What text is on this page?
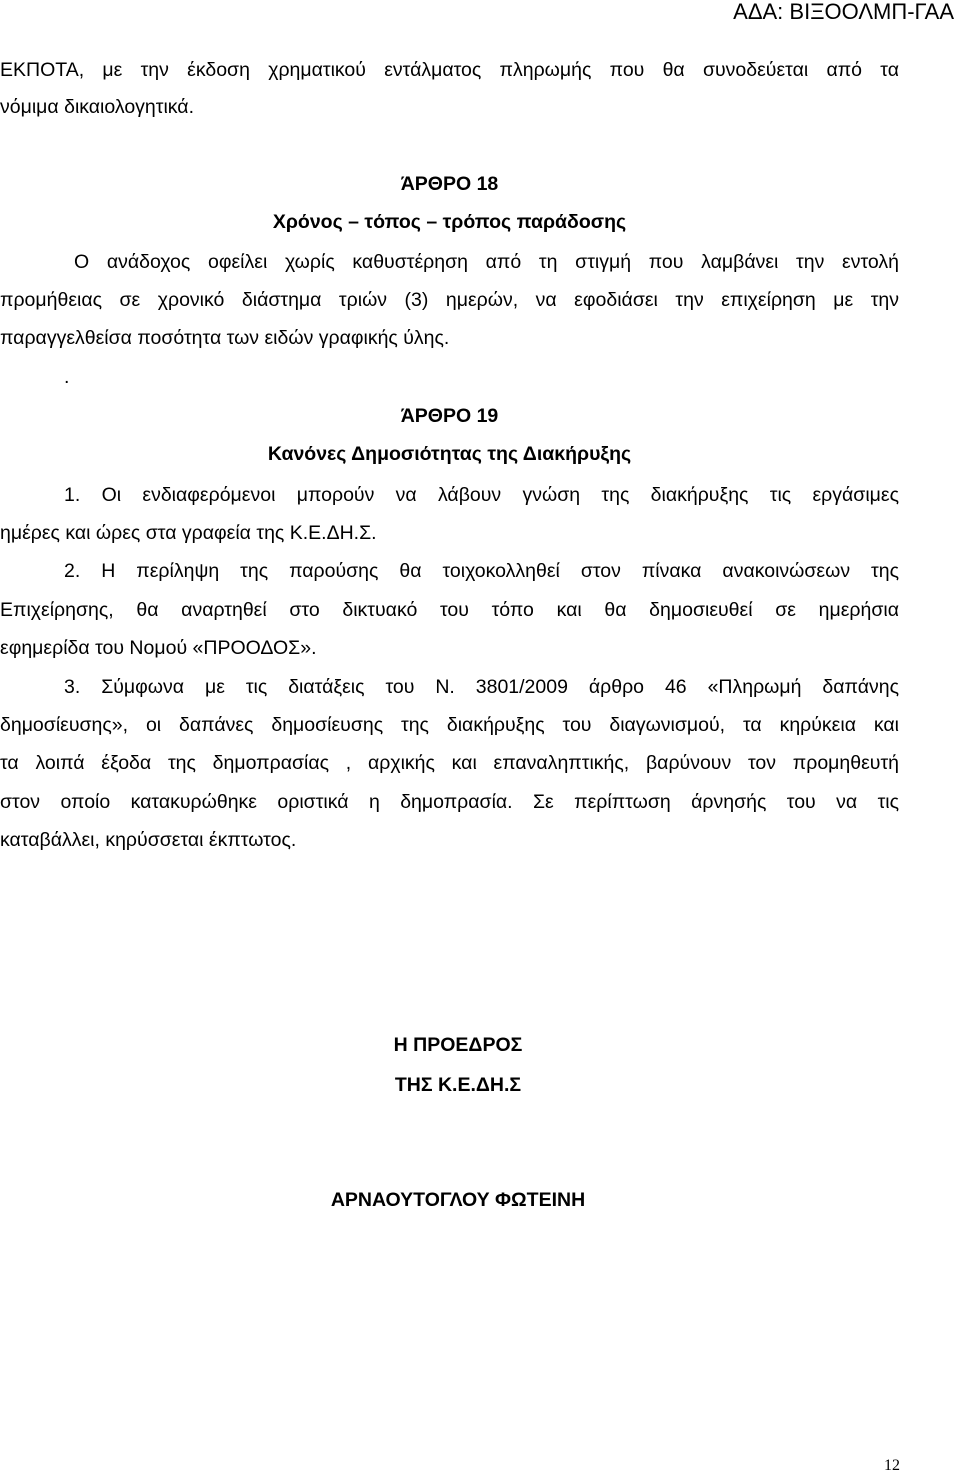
ΑΔΑ: ΒΙΞΟΟΛΜΠ-ΓΑΑ
ΕΚΠΟΤΑ, με την έκδοση χρηματικού εντάλματος πληρωμής που θα συνοδεύεται από τα
νόμιμα δικαιολογητικά.
ΆΡΘΡΟ 18
Χρόνος – τόπος – τρόπος παράδοσης
Ο ανάδοχος οφείλει χωρίς καθυστέρηση από τη στιγμή που λαμβάνει την εντολή
προμήθειας σε χρονικό διάστημα τριών (3) ημερών, να εφοδιάσει την επιχείρηση με την
παραγγελθείσα ποσότητα των ειδών γραφικής ύλης.
.
ΆΡΘΡΟ 19
Κανόνες Δημοσιότητας της Διακήρυξης
1. Οι ενδιαφερόμενοι μπορούν να λάβουν γνώση της διακήρυξης τις εργάσιμες
ημέρες και ώρες στα γραφεία της Κ.Ε.ΔΗ.Σ.
2. Η περίληψη της παρούσης θα τοιχοκολληθεί στον πίνακα ανακοινώσεων της
Επιχείρησης, θα αναρτηθεί στο δικτυακό του τόπο και θα δημοσιευθεί σε ημερήσια
εφημερίδα του Νομού «ΠΡΟΟΔΟΣ».
3. Σύμφωνα με τις διατάξεις του Ν. 3801/2009 άρθρο 46 «Πληρωμή δαπάνης
δημοσίευσης», οι δαπάνες δημοσίευσης της διακήρυξης του διαγωνισμού, τα κηρύκεια και
τα λοιπά έξοδα της δημοπρασίας , αρχικής και επαναληπτικής, βαρύνουν τον προμηθευτή
στον οποίο κατακυρώθηκε οριστικά η δημοπρασία. Σε περίπτωση άρνησής του να τις
καταβάλλει, κηρύσσεται έκπτωτος.
Η ΠΡΟΕΔΡΟΣ
ΤΗΣ Κ.Ε.ΔΗ.Σ
ΑΡΝΑΟΥΤΟΓΛΟΥ ΦΩΤΕΙΝΗ
12
